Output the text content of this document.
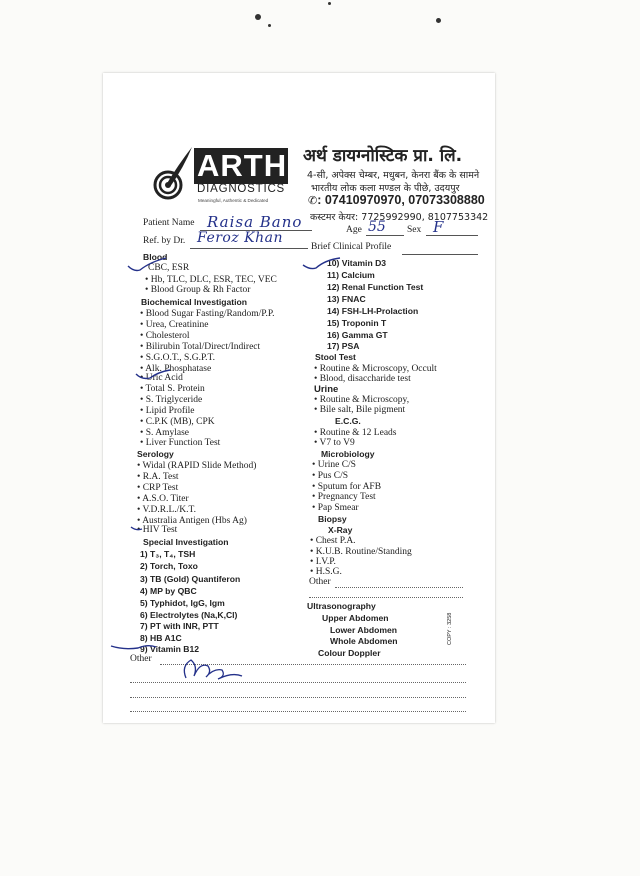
ARTH
DIAGNOSTICS
Meaningful, Authentic & Dedicated
अर्थ डायग्नोस्टिक प्रा. लि.
4-सी, अपेक्स चेम्बर, मधुबन, केनरा बैंक के सामने
भारतीय लोक कला मण्डल के पीछे, उदयपुर
✆: 07410970970, 07073308880
कस्टमर केयर: 7725992990, 8107753342
Patient Name Raisa Bano	Age 55 Sex F
Ref. by Dr. Feroz Khan
Brief Clinical Profile
Blood
CBC, ESR
• Hb, TLC, DLC, ESR, TEC, VEC
• Blood Group & Rh Factor
Biochemical Investigation
• Blood Sugar Fasting/Random/P.P.
• Urea, Creatinine
• Cholesterol
• Bilirubin Total/Direct/Indirect
• S.G.O.T., S.G.P.T.
• Alk. Phosphatase
• Uric Acid
• Total S. Protein
• S. Triglyceride
• Lipid Profile
• C.P.K (MB), CPK
• S. Amylase
• Liver Function Test
Serology
• Widal (RAPID Slide Method)
• R.A. Test
• CRP Test
• A.S.O. Titer
• V.D.R.L./K.T.
• Australia Antigen (Hbs Ag)
• HIV Test
Special Investigation
1) T₃, T₄, TSH
2) Torch, Toxo
3) TB (Gold) Quantiferon
4) MP by QBC
5) Typhidot, IgG, Igm
6) Electrolytes (Na,K,Cl)
7) PT with INR, PTT
8) HB A1C
9) Vitamin B12
Other
10) Vitamin D3
11) Calcium
12) Renal Function Test
13) FNAC
14) FSH-LH-Prolaction
15) Troponin T
16) Gamma GT
17) PSA
Stool Test
• Routine & Microscopy, Occult
• Blood, disaccharide test
Urine
• Routine & Microscopy,
• Bile salt, Bile pigment
E.C.G.
• Routine & 12 Leads
• V7 to V9
Microbiology
• Urine C/S
• Pus C/S
• Sputum for AFB
• Pregnancy Test
• Pap Smear
Biopsy
X-Ray
• Chest P.A.
• K.U.B. Routine/Standing
• I.V.P.
• H.S.G.
Other
Ultrasonography
Upper Abdomen
Lower Abdomen
Whole Abdomen
Colour Doppler
COPY : 3258
